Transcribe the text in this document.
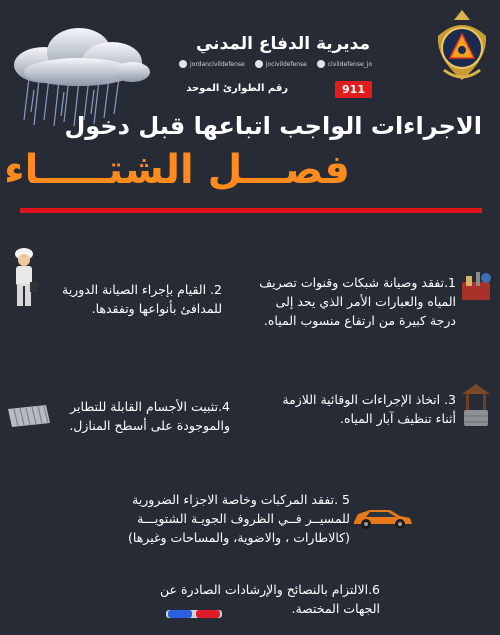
مديرية الدفاع المدني
jordancivildefense	jocivildefense	civildefense_jo
رقم الطوارئ الموحد	911
الاجراءات الواجب اتباعها قبل دخول
فصـــل الشتـــــاء
1.تفقد وصيانة شبكات وقنوات تصريف
المياه والعبارات الأمر الذي يحد إلى
درجة كبيرة من ارتفاع منسوب المياه.
2. القيام بإجراء الصيانة الدورية
للمدافئ بأنواعها وتفقدها.
3. اتخاذ الإجراءات الوقائية اللازمة
أثناء تنظيف آبار المياه.
4.تثبيت الأجسام القابلة للتطاير
والموجودة على أسطح المنازل.
5 .تفقد المركبات وخاصة الاجزاء الضرورية
للمسيــر فــي الظروف الجويـة الشتويـــة
(كالاطارات ، والاضوية، والمساحات وغيرها)
6.الالتزام بالنصائح والإرشادات الصادرة عن
الجهات المختصة.
